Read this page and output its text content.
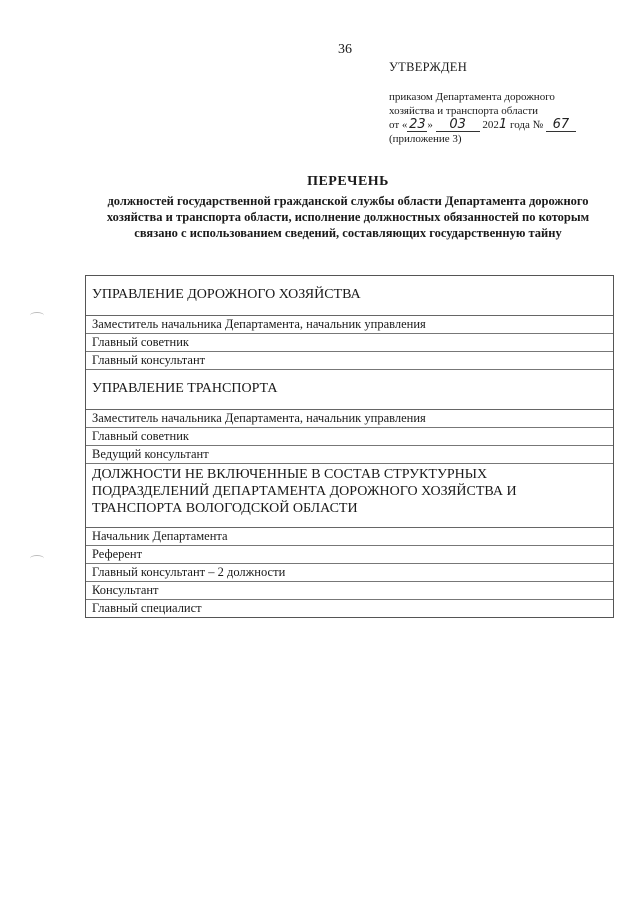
36
УТВЕРЖДЕН
приказом Департамента дорожного
хозяйства и транспорта области
от « 23 » 03 2021 года № 67
(приложение 3)
ПЕРЕЧЕНЬ
должностей государственной гражданской службы области Департамента дорожного хозяйства и транспорта области, исполнение должностных обязанностей по которым связано с использованием сведений, составляющих государственную тайну
УПРАВЛЕНИЕ ДОРОЖНОГО ХОЗЯЙСТВА
Заместитель начальника Департамента, начальник управления
Главный советник
Главный консультант
УПРАВЛЕНИЕ ТРАНСПОРТА
Заместитель начальника Департамента, начальник управления
Главный советник
Ведущий консультант
ДОЛЖНОСТИ НЕ ВКЛЮЧЕННЫЕ В СОСТАВ СТРУКТУРНЫХ ПОДРАЗДЕЛЕНИЙ ДЕПАРТАМЕНТА ДОРОЖНОГО ХОЗЯЙСТВА И ТРАНСПОРТА ВОЛОГОДСКОЙ ОБЛАСТИ
Начальник Департамента
Референт
Главный консультант – 2 должности
Консультант
Главный специалист
